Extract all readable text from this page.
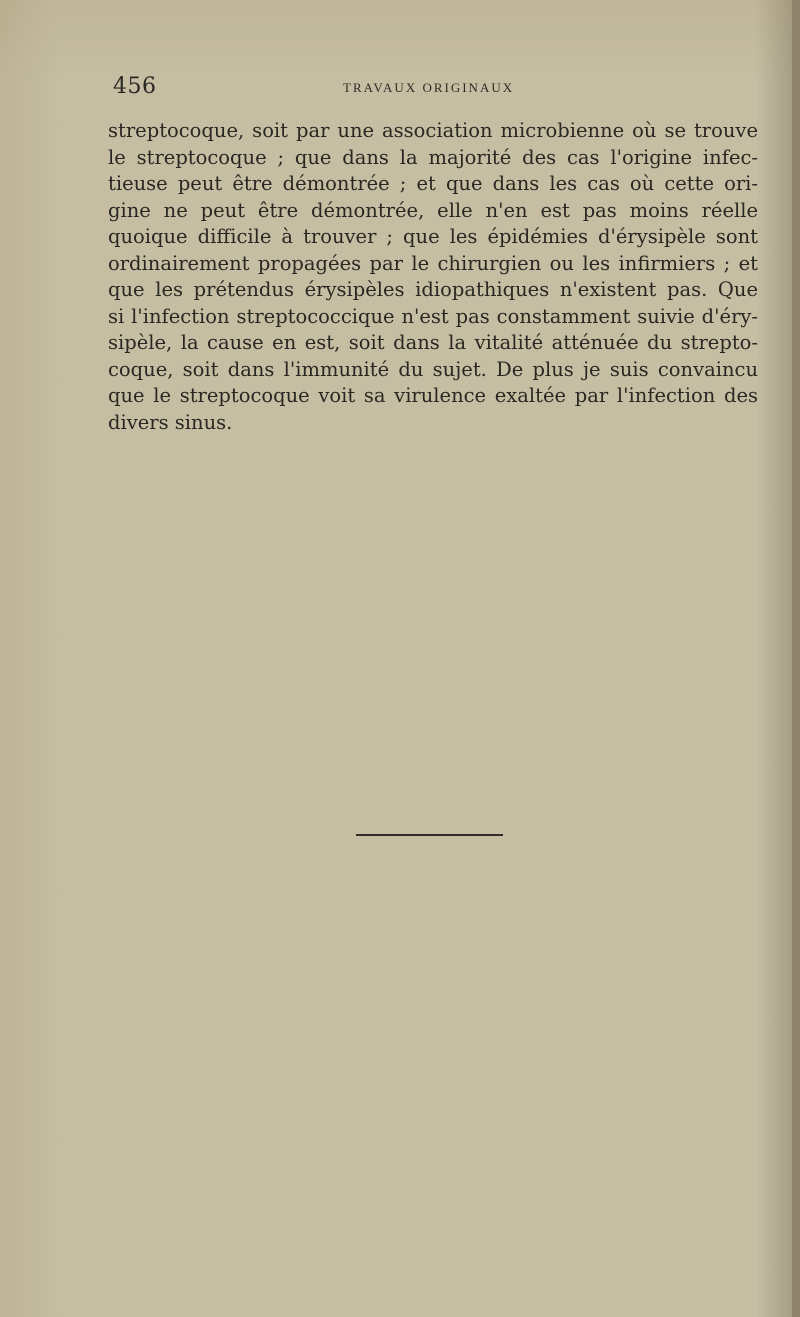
456	TRAVAUX ORIGINAUX
streptocoque, soit par une association microbienne où se trouve
le streptocoque ; que dans la majorité des cas l'origine infec-
tieuse peut être démontrée ; et que dans les cas où cette ori-
gine ne peut être démontrée, elle n'en est pas moins réelle
quoique difficile à trouver ; que les épidémies d'érysipèle sont
ordinairement propagées par le chirurgien ou les infirmiers ; et
que les prétendus érysipèles idiopathiques n'existent pas. Que
si l'infection streptococcique n'est pas constamment suivie d'éry-
sipèle, la cause en est, soit dans la vitalité atténuée du strepto-
coque, soit dans l'immunité du sujet. De plus je suis convaincu
que le streptocoque voit sa virulence exaltée par l'infection des
divers sinus.
